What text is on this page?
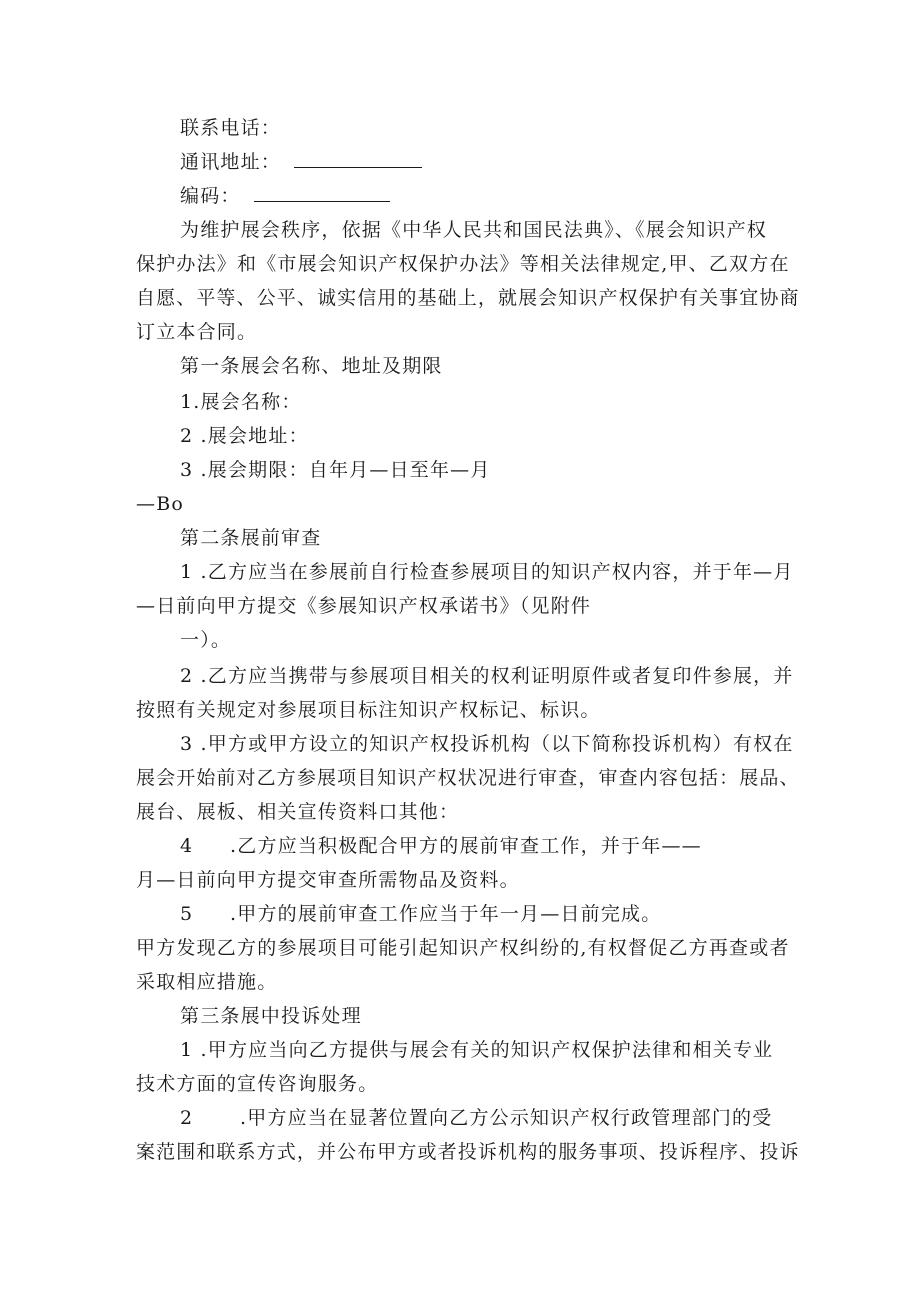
联系电话：
通讯地址：
编码：
为维护展会秩序，依据《中华人民共和国民法典》、《展会知识产权
保护办法》和《市展会知识产权保护办法》等相关法律规定,甲、乙双方在
自愿、平等、公平、诚实信用的基础上，就展会知识产权保护有关事宜协商
订立本合同。
第一条展会名称、地址及期限
1.展会名称：
2 .展会地址：
3 .展会期限：自年月—日至年—月
—Bo
第二条展前审查
1 .乙方应当在参展前自行检查参展项目的知识产权内容，并于年—月
—日前向甲方提交《参展知识产权承诺书》（见附件
一）。
2 .乙方应当携带与参展项目相关的权利证明原件或者复印件参展，并
按照有关规定对参展项目标注知识产权标记、标识。
3 .甲方或甲方设立的知识产权投诉机构（以下简称投诉机构）有权在
展会开始前对乙方参展项目知识产权状况进行审查，审查内容包括：展品、
展台、展板、相关宣传资料口其他：
4 .乙方应当积极配合甲方的展前审查工作，并于年——
月—日前向甲方提交审查所需物品及资料。
5 .甲方的展前审查工作应当于年一月—日前完成。
甲方发现乙方的参展项目可能引起知识产权纠纷的,有权督促乙方再查或者
采取相应措施。
第三条展中投诉处理
1 .甲方应当向乙方提供与展会有关的知识产权保护法律和相关专业
技术方面的宣传咨询服务。
2 .甲方应当在显著位置向乙方公示知识产权行政管理部门的受
案范围和联系方式，并公布甲方或者投诉机构的服务事项、投诉程序、投诉
